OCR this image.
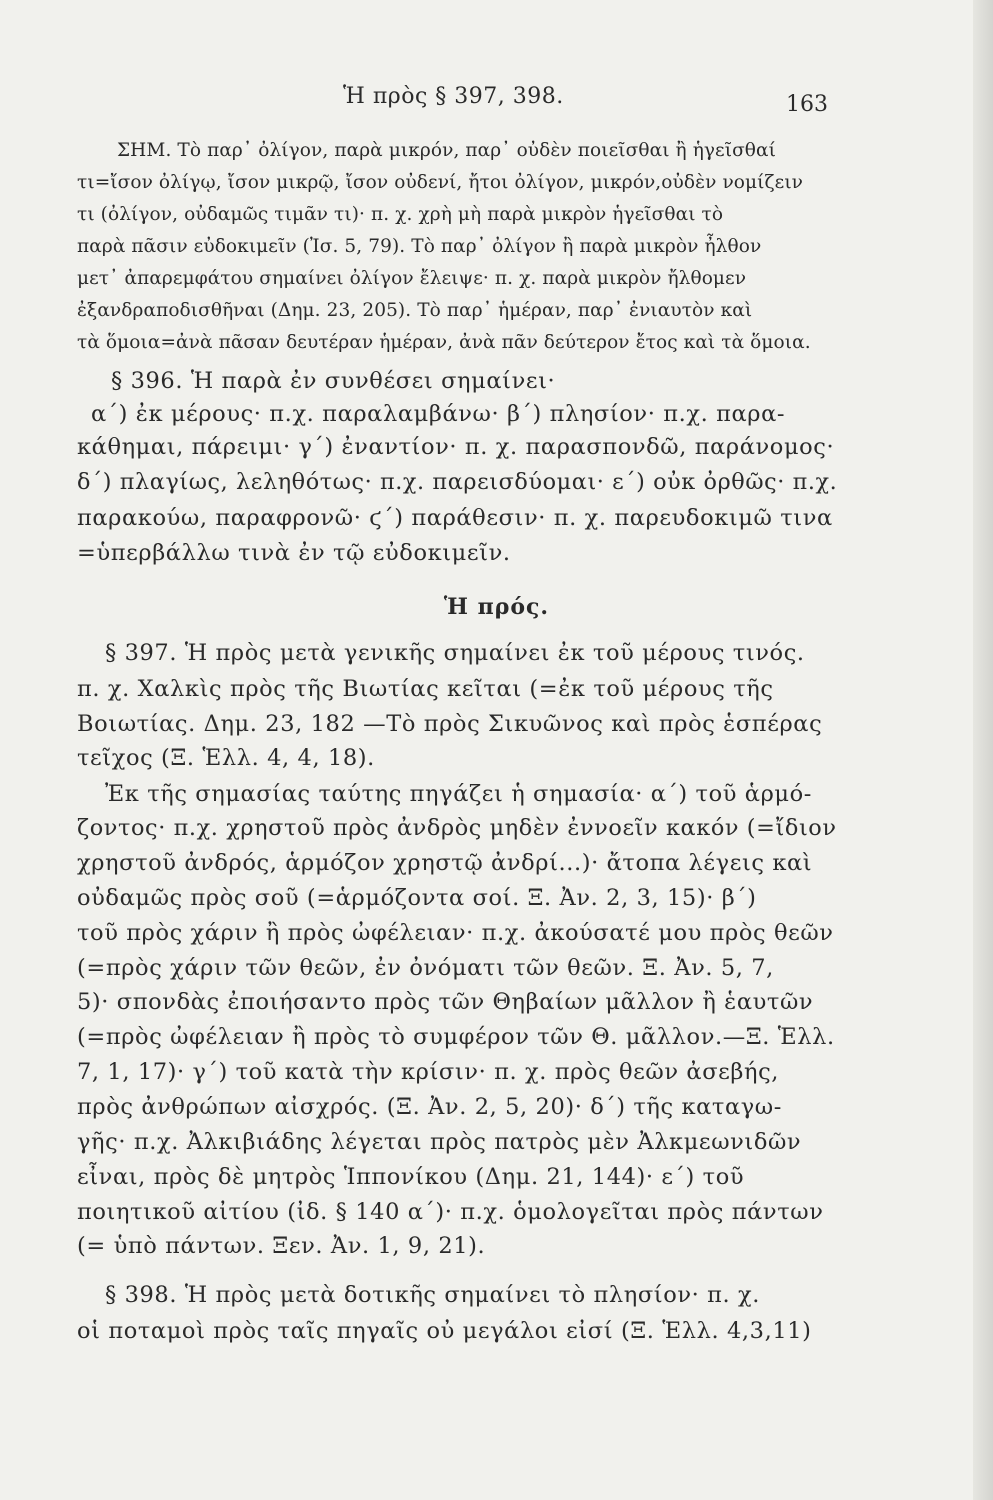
Ἡ πρὸς § 397, 398.	163
ΣΗΜ. Τὸ παρ᾽ ὀλίγον, παρὰ μικρόν, παρ᾽ οὐδὲν ποιεῖσθαι ἢ ἡγεῖσθαί
τι=ἴσον ὀλίγῳ, ἴσον μικρῷ, ἴσον οὐδενί, ἤτοι ὀλίγον, μικρόν,οὐδὲν νομίζειν
τι (ὀλίγον, οὐδαμῶς τιμᾶν τι)· π. χ. χρὴ μὴ παρὰ μικρὸν ἡγεῖσθαι τὸ
παρὰ πᾶσιν εὐδοκιμεῖν (Ἰσ. 5, 79). Τὸ παρ᾽ ὀλίγον ἢ παρὰ μικρὸν ἦλθον
μετ᾽ ἀπαρεμφάτου σημαίνει ὀλίγον ἔλειψε· π. χ. παρὰ μικρὸν ἤλθομεν
ἐξανδραποδισθῆναι (Δημ. 23, 205). Τὸ παρ᾽ ἡμέραν, παρ᾽ ἐνιαυτὸν καὶ
τὰ ὅμοια=ἀνὰ πᾶσαν δευτέραν ἡμέραν, ἀνὰ πᾶν δεύτερον ἔτος καὶ τὰ ὅμοια.
§ 396. Ἡ παρὰ ἐν συνθέσει σημαίνει·
α´) ἐκ μέρους· π.χ. παραλαμβάνω· β´) πλησίον· π.χ. παρα-
κάθημαι, πάρειμι· γ´) ἐναντίον· π. χ. παρασπονδῶ, παράνομος·
δ´) πλαγίως, λεληθότως· π.χ. παρεισδύομαι· ε´) οὐκ ὀρθῶς· π.χ.
παρακούω, παραφρονῶ· ϛ´) παράθεσιν· π. χ. παρευδοκιμῶ τινα
=ὑπερβάλλω τινὰ ἐν τῷ εὐδοκιμεῖν.
§ 397. Ἡ πρὸς μετὰ γενικῆς σημαίνει ἐκ τοῦ μέρους τινός.
π. χ. Χαλκὶς πρὸς τῆς Βιωτίας κεῖται (=ἐκ τοῦ μέρους τῆς
Βοιωτίας. Δημ. 23, 182 —Τὸ πρὸς Σικυῶνος καὶ πρὸς ἑσπέρας
τεῖχος (Ξ. Ἑλλ. 4, 4, 18).
Ἐκ τῆς σημασίας ταύτης πηγάζει ἡ σημασία· α´) τοῦ ἁρμό-
ζοντος· π.χ. χρηστοῦ πρὸς ἀνδρὸς μηδὲν ἐννοεῖν κακόν (=ἴδιον
χρηστοῦ ἀνδρός, ἁρμόζον χρηστῷ ἀνδρί...)· ἄτοπα λέγεις καὶ
οὐδαμῶς πρὸς σοῦ (=ἁρμόζοντα σοί. Ξ. Ἀν. 2, 3, 15)· β´)
τοῦ πρὸς χάριν ἢ πρὸς ὠφέλειαν· π.χ. ἀκούσατέ μου πρὸς θεῶν
(=πρὸς χάριν τῶν θεῶν, ἐν ὀνόματι τῶν θεῶν. Ξ. Ἀν. 5, 7,
5)· σπονδὰς ἐποιήσαντο πρὸς τῶν Θηβαίων μᾶλλον ἢ ἑαυτῶν
(=πρὸς ὠφέλειαν ἢ πρὸς τὸ συμφέρον τῶν Θ. μᾶλλον.—Ξ. Ἑλλ.
7, 1, 17)· γ´) τοῦ κατὰ τὴν κρίσιν· π. χ. πρὸς θεῶν ἀσεβής,
πρὸς ἀνθρώπων αἰσχρός. (Ξ. Ἀν. 2, 5, 20)· δ´) τῆς καταγω-
γῆς· π.χ. Ἀλκιβιάδης λέγεται πρὸς πατρὸς μὲν Ἀλκμεωνιδῶν
εἶναι, πρὸς δὲ μητρὸς Ἱππονίκου (Δημ. 21, 144)· ε´) τοῦ
ποιητικοῦ αἰτίου (ἰδ. § 140 α´)· π.χ. ὁμολογεῖται πρὸς πάντων
(= ὑπὸ πάντων. Ξεν. Ἀν. 1, 9, 21).
§ 398. Ἡ πρὸς μετὰ δοτικῆς σημαίνει τὸ πλησίον· π. χ.
οἱ ποταμοὶ πρὸς ταῖς πηγαῖς οὐ μεγάλοι εἰσί (Ξ. Ἑλλ. 4,3,11)
Ἡ πρός.
